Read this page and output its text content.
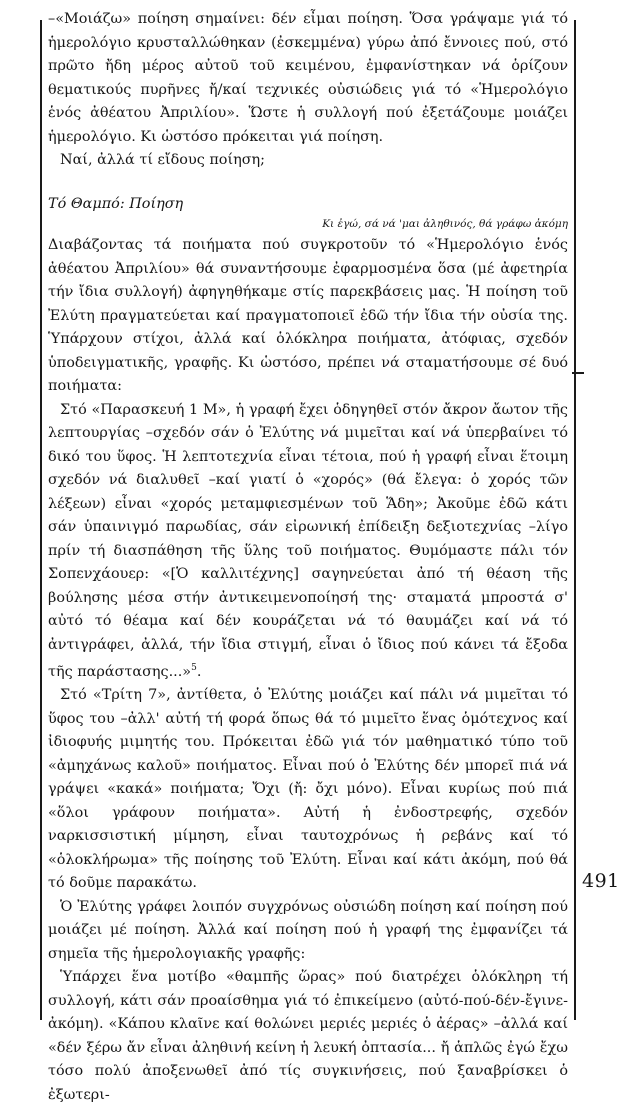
–«Μοιάζω» ποίηση σημαίνει: δέν εἶμαι ποίηση. Ὅσα γράψαμε γιά τό ἡμερολόγιο κρυσταλλώθηκαν (ἐσκεμμένα) γύρω ἀπό ἔννοιες πού, στό πρῶτο ἤδη μέρος αὐτοῦ τοῦ κειμένου, ἐμφανίστηκαν νά ὁρίζουν θεματικούς πυρῆνες ἤ/καί τεχνικές οὐσιώδεις γιά τό «Ἡμερολόγιο ἑνός ἀθέατου Ἀπριλίου». Ὥστε ἡ συλλογή πού ἐξετάζουμε μοιάζει ἡμερολόγιο. Κι ὡστόσο πρόκειται γιά ποίηση.

Ναί, ἀλλά τί εἴδους ποίηση;

Τό Θαμπό: Ποίηση

Κι ἐγώ, σά νά 'μαι ἀληθινός, θά γράφω ἀκόμη

Διαβάζοντας τά ποιήματα πού συγκροτοῦν τό «Ἡμερολόγιο ἑνός ἀθέατου Ἀπριλίου» θά συναντήσουμε ἐφαρμοσμένα ὅσα (μέ ἀφετηρία τήν ἴδια συλλογή) ἀφηγηθήκαμε στίς παρεκβάσεις μας. Ἡ ποίηση τοῦ Ἐλύτη πραγματεύεται καί πραγματοποιεῖ ἐδῶ τήν ἴδια τήν οὐσία της. Ὑπάρχουν στίχοι, ἀλλά καί ὁλόκληρα ποιήματα, ἀτόφιας, σχεδόν ὑποδειγματικῆς, γραφῆς. Κι ὡστόσο, πρέπει νά σταματήσουμε σέ δυό ποιήματα:

Στό «Παρασκευή 1 Μ», ἡ γραφή ἔχει ὁδηγηθεῖ στόν ἄκρον ἄωτον τῆς λεπτουργίας –σχεδόν σάν ὁ Ἐλύτης νά μιμεῖται καί νά ὑπερβαίνει τό δικό του ὕφος. Ἡ λεπτοτεχνία εἶναι τέτοια, πού ἡ γραφή εἶναι ἕτοιμη σχεδόν νά διαλυθεῖ –καί γιατί ὁ «χορός» (θά ἔλεγα: ὁ χορός τῶν λέξεων) εἶναι «χορός μεταμφιεσμένων τοῦ Ἅδη»; Ἀκοῦμε ἐδῶ κάτι σάν ὑπαινιγμό παρωδίας, σάν εἰρωνική ἐπίδειξη δεξιοτεχνίας –λίγο πρίν τή διασπάθηση τῆς ὕλης τοῦ ποιήματος. Θυμόμαστε πάλι τόν Σοπενχάουερ: «[Ὁ καλλιτέχνης] σαγηνεύεται ἀπό τή θέαση τῆς βούλησης μέσα στήν ἀντικειμενοποίησή της· σταματά μπροστά σ' αὐτό τό θέαμα καί δέν κουράζεται νά τό θαυμάζει καί νά τό ἀντιγράφει, ἀλλά, τήν ἴδια στιγμή, εἶναι ὁ ἴδιος πού κάνει τά ἔξοδα τῆς παράστασης...»$^5$.

Στό «Τρίτη 7», ἀντίθετα, ὁ Ἐλύτης μοιάζει καί πάλι νά μιμεῖται τό ὕφος του –ἀλλ' αὐτή τή φορά ὅπως θά τό μιμεῖτο ἕνας ὁμότεχνος καί ἰδιοφυής μιμητής του. Πρόκειται ἐδῶ γιά τόν μαθηματικό τύπο τοῦ «ἀμηχάνως καλοῦ» ποιήματος. Εἶναι πού ὁ Ἐλύτης δέν μπορεῖ πιά νά γράψει «κακά» ποιήματα; Ὄχι (ἤ: ὄχι μόνο). Εἶναι κυρίως πού πιά «ὅλοι γράφουν ποιήματα». Αὐτή ἡ ἐνδοστρεφής, σχεδόν ναρκισσιστική μίμηση, εἶναι ταυτοχρόνως ἡ ρεβάνς καί τό «ὁλοκλήρωμα» τῆς ποίησης τοῦ Ἐλύτη. Εἶναι καί κάτι ἀκόμη, πού θά τό δοῦμε παρακάτω.

Ὁ Ἐλύτης γράφει λοιπόν συγχρόνως οὐσιώδη ποίηση καί ποίηση πού μοιάζει μέ ποίηση. Ἀλλά καί ποίηση πού ἡ γραφή της ἐμφανίζει τά σημεῖα τῆς ἡμερολογιακῆς γραφῆς:

Ὑπάρχει ἕνα μοτίβο «θαμπῆς ὥρας» πού διατρέχει ὁλόκληρη τή συλλογή, κάτι σάν προαίσθημα γιά τό ἐπικείμενο (αὐτό-πού-δέν-ἔγινε-ἀκόμη). «Κάπου κλαῖνε καί θολώνει μεριές μεριές ὁ ἀέρας» –ἀλλά καί «δέν ξέρω ἄν εἶναι ἀληθινή κείνη ἡ λευκή ὀπτασία... ἤ ἁπλῶς ἐγώ ἔχω τόσο πολύ ἀποξενωθεῖ ἀπό τίς συγκινήσεις, πού ξαναβρίσκει ὁ ἐξωτερι-

491
